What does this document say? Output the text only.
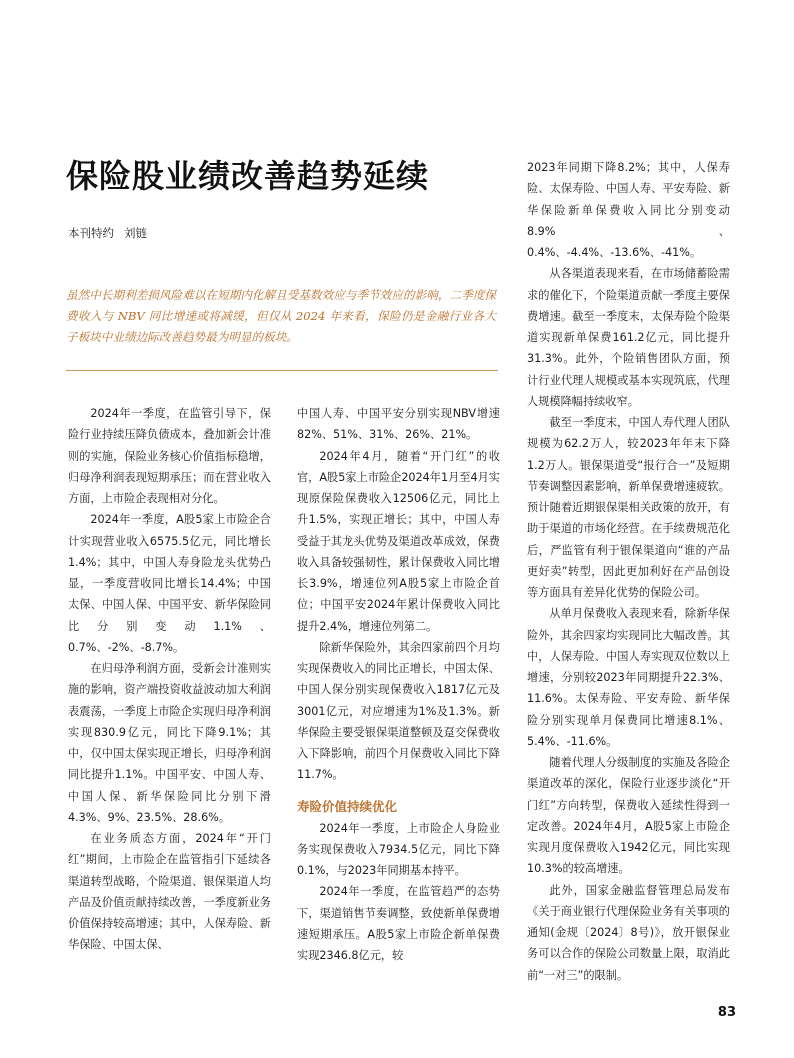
保险股业绩改善趋势延续
本刊特约 刘链

虽然中长期利差损风险难以在短期内化解且受基数效应与季节效应的影响，二季度保费收入与 NBV 同比增速或将减缓，但仅从 2024 年来看，保险仍是金融行业各大子板块中业绩边际改善趋势最为明显的板块。

2024年一季度，在监管引导下，保险行业持续压降负债成本，叠加新会计准则的实施，保险业务核心价值指标稳增，归母净利润表现短期承压；而在营业收入方面，上市险企表现相对分化。

2024年一季度，A股5家上市险企合计实现营业收入6575.5亿元，同比增长1.4%；其中，中国人寿身险龙头优势凸显，一季度营收同比增长14.4%；中国太保、中国人保、中国平安、新华保险同比分别变动1.1%、0.7%、-2%、-8.7%。

在归母净利润方面，受新会计准则实施的影响，资产端投资收益波动加大利润表震荡，一季度上市险企实现归母净利润实现830.9亿元，同比下降9.1%；其中，仅中国太保实现正增长，归母净利润同比提升1.1%。中国平安、中国人寿、中国人保、新华保险同比分别下滑4.3%、9%、23.5%、28.6%。

在业务质态方面，2024年“开门红”期间，上市险企在监管指引下延续各渠道转型战略，个险渠道、银保渠道人均产品及价值贡献持续改善，一季度新业务价值保持较高增速；其中，人保寿险、新华保险、中国太保、

中国人寿、中国平安分别实现NBV增速82%、51%、31%、26%、21%。

2024年4月，随着“开门红”的收官，A股5家上市险企2024年1月至4月实现原保险保费收入12506亿元，同比上升1.5%，实现正增长；其中，中国人寿受益于其龙头优势及渠道改革成效，保费收入具备较强韧性，累计保费收入同比增长3.9%，增速位列A股5家上市险企首位；中国平安2024年累计保费收入同比提升2.4%，增速位列第二。

除新华保险外，其余四家前四个月均实现保费收入的同比正增长，中国太保、中国人保分别实现保费收入1817亿元及3001亿元，对应增速为1%及1.3%。新华保险主要受银保渠道整顿及趸交保费收入下降影响，前四个月保费收入同比下降11.7%。

寿险价值持续优化

2024年一季度，上市险企人身险业务实现保费收入7934.5亿元，同比下降0.1%，与2023年同期基本持平。

2024年一季度，在监管趋严的态势下，渠道销售节奏调整，致使新单保费增速短期承压。A股5家上市险企新单保费实现2346.8亿元，较

2023年同期下降8.2%；其中，人保寿险、太保寿险、中国人寿、平安寿险、新华保险新单保费收入同比分别变动8.9%、0.4%、-4.4%、-13.6%、-41%。

从各渠道表现来看，在市场储蓄险需求的催化下，个险渠道贡献一季度主要保费增速。截至一季度末，太保寿险个险渠道实现新单保费161.2亿元，同比提升31.3%。此外，个险销售团队方面，预计行业代理人规模或基本实现筑底，代理人规模降幅持续收窄。

截至一季度末，中国人寿代理人团队规模为62.2万人，较2023年年末下降1.2万人。银保渠道受“报行合一”及短期节奏调整因素影响，新单保费增速疲软。预计随着近期银保渠相关政策的放开，有助于渠道的市场化经营。在手续费规范化后，严监管有利于银保渠道向“谁的产品更好卖”转型，因此更加利好在产品创设等方面具有差异化优势的保险公司。

从单月保费收入表现来看，除新华保险外，其余四家均实现同比大幅改善。其中，人保寿险、中国人寿实现双位数以上增速，分别较2023年同期提升22.3%、11.6%。太保寿险、平安寿险、新华保险分别实现单月保费同比增速8.1%、5.4%、-11.6%。

随着代理人分级制度的实施及各险企渠道改革的深化，保险行业逐步淡化“开门红”方向转型，保费收入延续性得到一定改善。2024年4月，A股5家上市险企实现月度保费收入1942亿元，同比实现10.3%的较高增速。

此外，国家金融监督管理总局发布《关于商业银行代理保险业务有关事项的通知(金规〔2024〕8号)》，放开银保业务可以合作的保险公司数量上限，取消此前“一对三”的限制。

83
